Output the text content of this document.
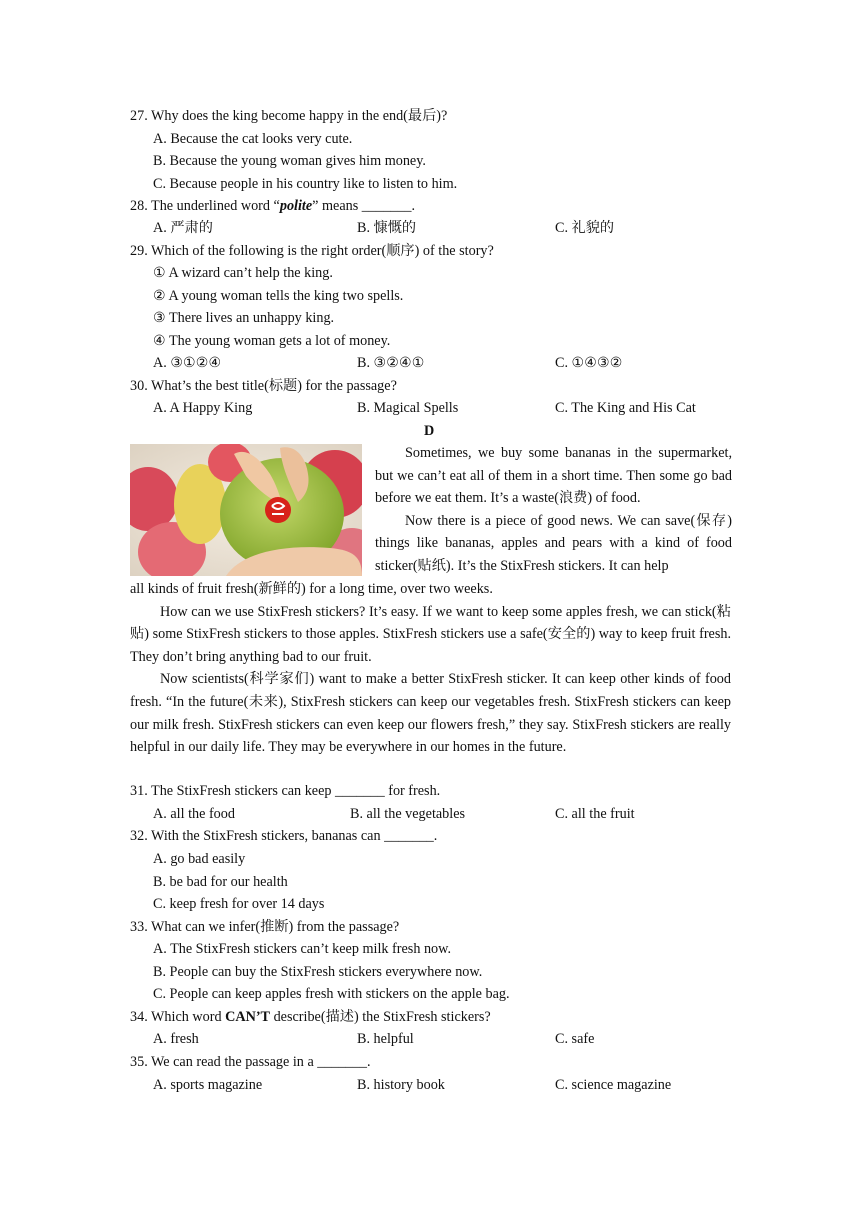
27. Why does the king become happy in the end(最后)?
A. Because the cat looks very cute.
B. Because the young woman gives him money.
C. Because people in his country like to listen to him.
28. The underlined word “polite” means _______.
A. 严肃的	B. 慷慨的	C. 礼貌的
29. Which of the following is the right order(顺序) of the story?
① A wizard can’t help the king.
② A young woman tells the king two spells.
③ There lives an unhappy king.
④ The young woman gets a lot of money.
A. ③①②④	B. ③②④①	C. ①④③②
30. What’s the best title(标题) for the passage?
A. A Happy King	B. Magical Spells	C. The King and His Cat
D

Sometimes, we buy some bananas in the supermarket, but we can’t eat all of them in a short time. Then some go bad before we eat them. It’s a waste(浪费) of food.

Now there is a piece of good news. We can save(保存) things like bananas, apples and pears with a kind of food sticker(贴纸). It’s the StixFresh stickers. It can help

all kinds of fruit fresh(新鲜的) for a long time, over two weeks.

How can we use StixFresh stickers? It’s easy. If we want to keep some apples fresh, we can stick(粘贴) some StixFresh stickers to those apples. StixFresh stickers use a safe(安全的) way to keep fruit fresh. They don’t bring anything bad to our fruit.

Now scientists(科学家们) want to make a better StixFresh sticker. It can keep other kinds of food fresh. “In the future(未来), StixFresh stickers can keep our vegetables fresh. StixFresh stickers can keep our milk fresh. StixFresh stickers can even keep our flowers fresh,” they say. StixFresh stickers are really helpful in our daily life. They may be everywhere in our homes in the future.

31. The StixFresh stickers can keep _______ for fresh.
A. all the food	B. all the vegetables	C. all the fruit
32. With the StixFresh stickers, bananas can _______.
A. go bad easily
B. be bad for our health
C. keep fresh for over 14 days
33. What can we infer(推断) from the passage?
A. The StixFresh stickers can’t keep milk fresh now.
B. People can buy the StixFresh stickers everywhere now.
C. People can keep apples fresh with stickers on the apple bag.
34. Which word CAN’T describe(描述) the StixFresh stickers?
A. fresh	B. helpful	C. safe
35. We can read the passage in a _______.
A. sports magazine	B. history book	C. science magazine
